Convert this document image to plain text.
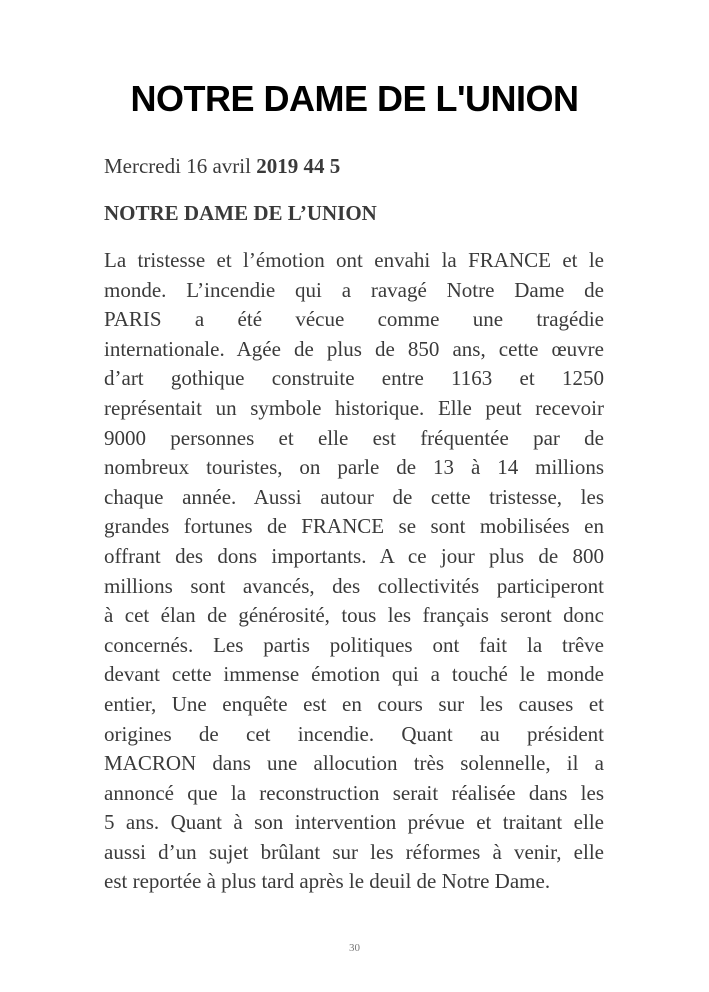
NOTRE DAME DE L'UNION
Mercredi 16 avril 2019 44 5
NOTRE DAME DE L’UNION
La tristesse et l’émotion ont envahi la FRANCE et le
monde. L’incendie qui a ravagé Notre Dame de
PARIS a été vécue comme une tragédie
internationale. Agée de plus de 850 ans, cette œuvre
d’art gothique construite entre 1163 et 1250
représentait un symbole historique. Elle peut recevoir
9000 personnes et elle est fréquentée par de
nombreux touristes, on parle de 13 à 14 millions
chaque année. Aussi autour de cette tristesse, les
grandes fortunes de FRANCE se sont mobilisées en
offrant des dons importants. A ce jour plus de 800
millions sont avancés, des collectivités participeront
à cet élan de générosité, tous les français seront donc
concernés. Les partis politiques ont fait la trêve
devant cette immense émotion qui a touché le monde
entier, Une enquête est en cours sur les causes et
origines de cet incendie. Quant au président
MACRON dans une allocution très solennelle, il a
annoncé que la reconstruction serait réalisée dans les
5 ans. Quant à son intervention prévue et traitant elle
aussi d’un sujet brûlant sur les réformes à venir, elle
est reportée à plus tard après le deuil de Notre Dame.
30
